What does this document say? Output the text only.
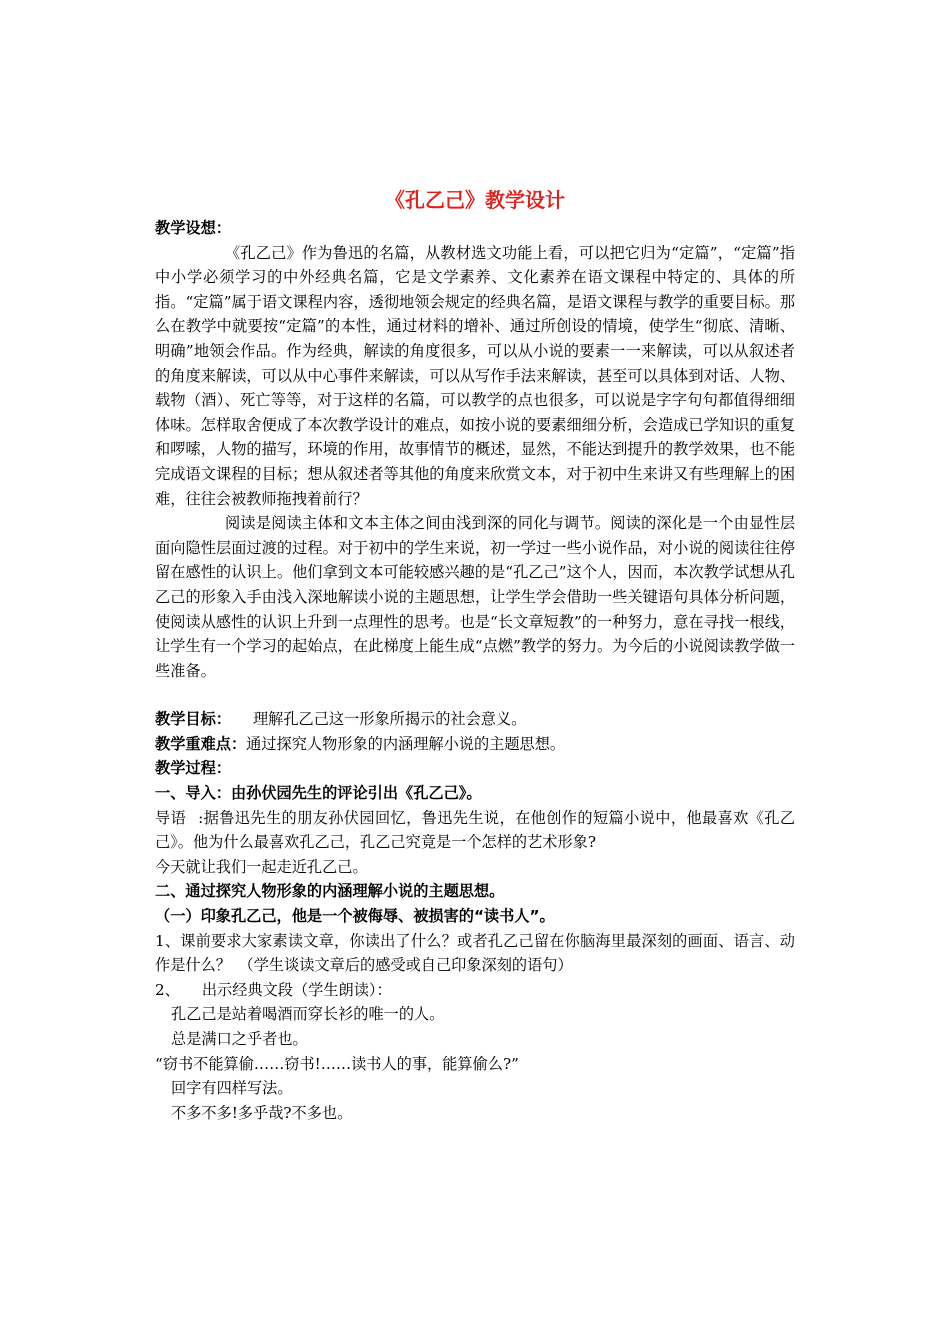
《孔乙己》教学设计

教学设想：

《孔乙己》作为鲁迅的名篇，从教材选文功能上看，可以把它归为“定篇”，“定篇”指中小学必须学习的中外经典名篇，它是文学素养、文化素养在语文课程中特定的、具体的所指。“定篇”属于语文课程内容，透彻地领会规定的经典名篇，是语文课程与教学的重要目标。那么在教学中就要按“定篇”的本性，通过材料的增补、通过所创设的情境，使学生“彻底、清晰、明确”地领会作品。作为经典，解读的角度很多，可以从小说的要素一一来解读，可以从叙述者的角度来解读，可以从中心事件来解读，可以从写作手法来解读，甚至可以具体到对话、人物、载物（酒）、死亡等等，对于这样的名篇，可以教学的点也很多，可以说是字字句句都值得细细体味。怎样取舍便成了本次教学设计的难点，如按小说的要素细细分析，会造成已学知识的重复和啰嗦，人物的描写，环境的作用，故事情节的概述，显然，不能达到提升的教学效果，也不能完成语文课程的目标；想从叙述者等其他的角度来欣赏文本，对于初中生来讲又有些理解上的困难，往往会被教师拖拽着前行？

阅读是阅读主体和文本主体之间由浅到深的同化与调节。阅读的深化是一个由显性层面向隐性层面过渡的过程。对于初中的学生来说，初一学过一些小说作品，对小说的阅读往往停留在感性的认识上。他们拿到文本可能较感兴趣的是“孔乙己”这个人，因而，本次教学试想从孔乙己的形象入手由浅入深地解读小说的主题思想，让学生学会借助一些关键语句具体分析问题，使阅读从感性的认识上升到一点理性的思考。也是“长文章短教”的一种努力，意在寻找一根线，让学生有一个学习的起始点，在此梯度上能生成“点燃”教学的努力。为今后的小说阅读教学做一些准备。

教学目标： 理解孔乙己这一形象所揭示的社会意义。

教学重难点：通过探究人物形象的内涵理解小说的主题思想。

教学过程：

一、导入：由孙伏园先生的评论引出《孔乙己》。

导语 :据鲁迅先生的朋友孙伏园回忆，鲁迅先生说，在他创作的短篇小说中，他最喜欢《孔乙己》。他为什么最喜欢孔乙己，孔乙己究竟是一个怎样的艺术形象?

今天就让我们一起走近孔乙己。

二、通过探究人物形象的内涵理解小说的主题思想。

（一）印象孔乙己，他是一个被侮辱、被损害的“读书人”。

1、课前要求大家素读文章，你读出了什么？或者孔乙己留在你脑海里最深刻的画面、语言、动作是什么？　（学生谈读文章后的感受或自己印象深刻的语句）

2、 出示经典文段（学生朗读）：

孔乙己是站着喝酒而穿长衫的唯一的人。

总是满口之乎者也。

“窃书不能算偷……窃书!……读书人的事，能算偷么?”

回字有四样写法。

不多不多!多乎哉?不多也。
